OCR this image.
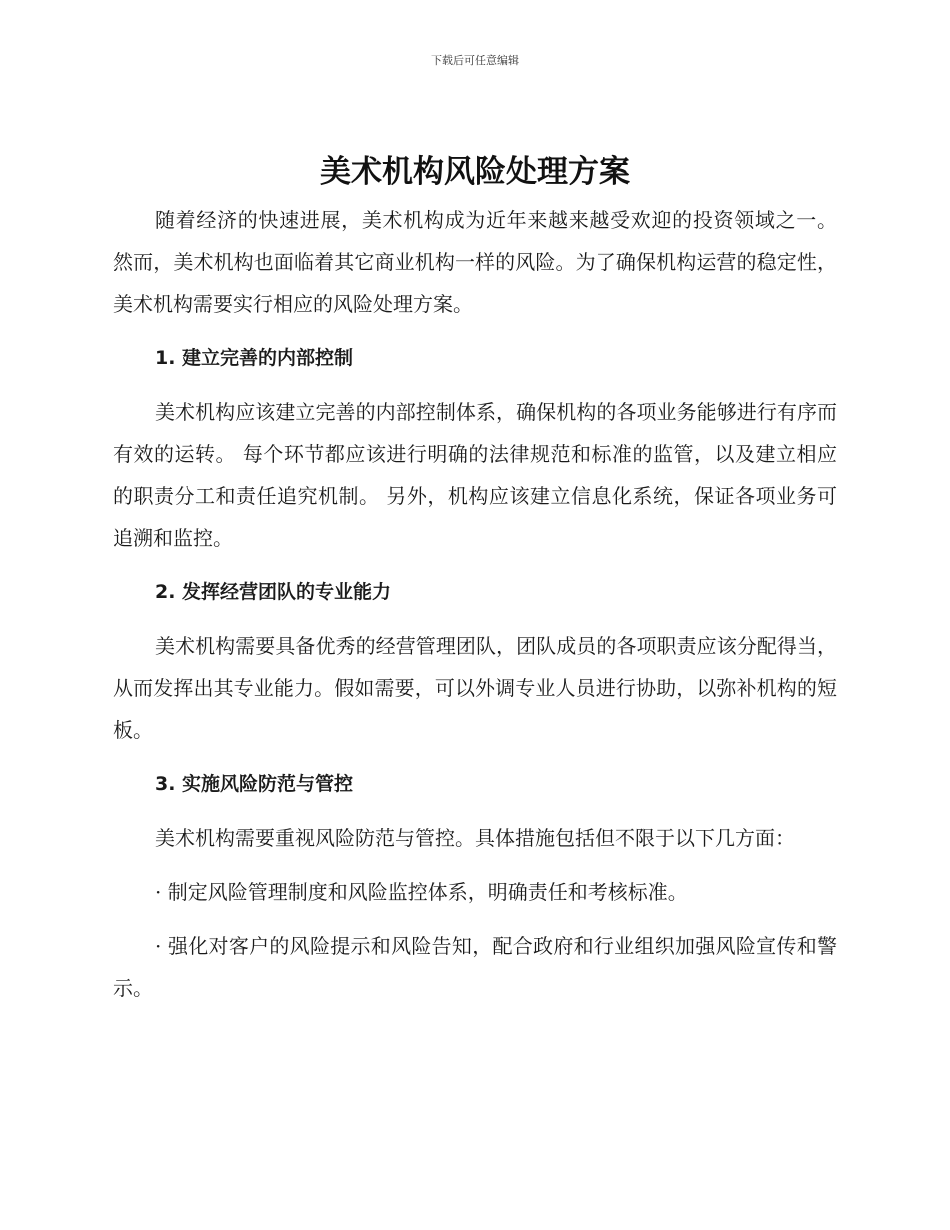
下载后可任意编辑
美术机构风险处理方案

随着经济的快速进展，美术机构成为近年来越来越受欢迎的投资领域之一。 然而，美术机构也面临着其它商业机构一样的风险。为了确保机构运营的稳定性，美术机构需要实行相应的风险处理方案。

1. 建立完善的内部控制

美术机构应该建立完善的内部控制体系，确保机构的各项业务能够进行有序而有效的运转。 每个环节都应该进行明确的法律规范和标准的监管，以及建立相应的职责分工和责任追究机制。 另外，机构应该建立信息化系统，保证各项业务可追溯和监控。

2. 发挥经营团队的专业能力

美术机构需要具备优秀的经营管理团队，团队成员的各项职责应该分配得当，从而发挥出其专业能力。假如需要，可以外调专业人员进行协助，以弥补机构的短板。

3. 实施风险防范与管控

美术机构需要重视风险防范与管控。具体措施包括但不限于以下几方面：

· 制定风险管理制度和风险监控体系，明确责任和考核标准。

· 强化对客户的风险提示和风险告知，配合政府和行业组织加强风险宣传和警示。
